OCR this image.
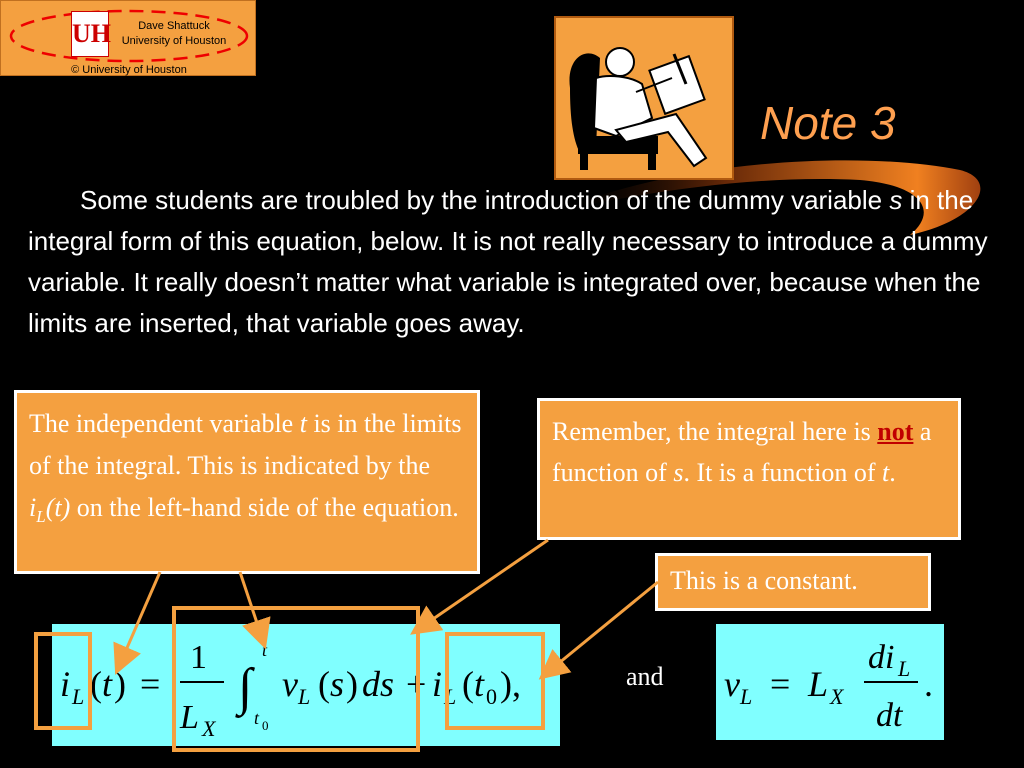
UH	Dave Shattuck
University of Houston
© University of Houston
Note 3
Some students are troubled by the introduction of the dummy variable s in the integral form of this equation, below. It is not really necessary to introduce a dummy variable. It really doesn’t matter what variable is integrated over, because when the limits are inserted, that variable goes away.
The independent variable t is in the limits of the integral. This is indicated by the $i_L(t)$ on the left-hand side of the equation.
Remember, the integral here is not a function of s. It is a function of t.
This is a constant.
i L ( t ) =
1
L X
∫
t
t 0
v L ( s ) ds + i L ( t 0 ),	v L = L X
di L
dt
.
and
